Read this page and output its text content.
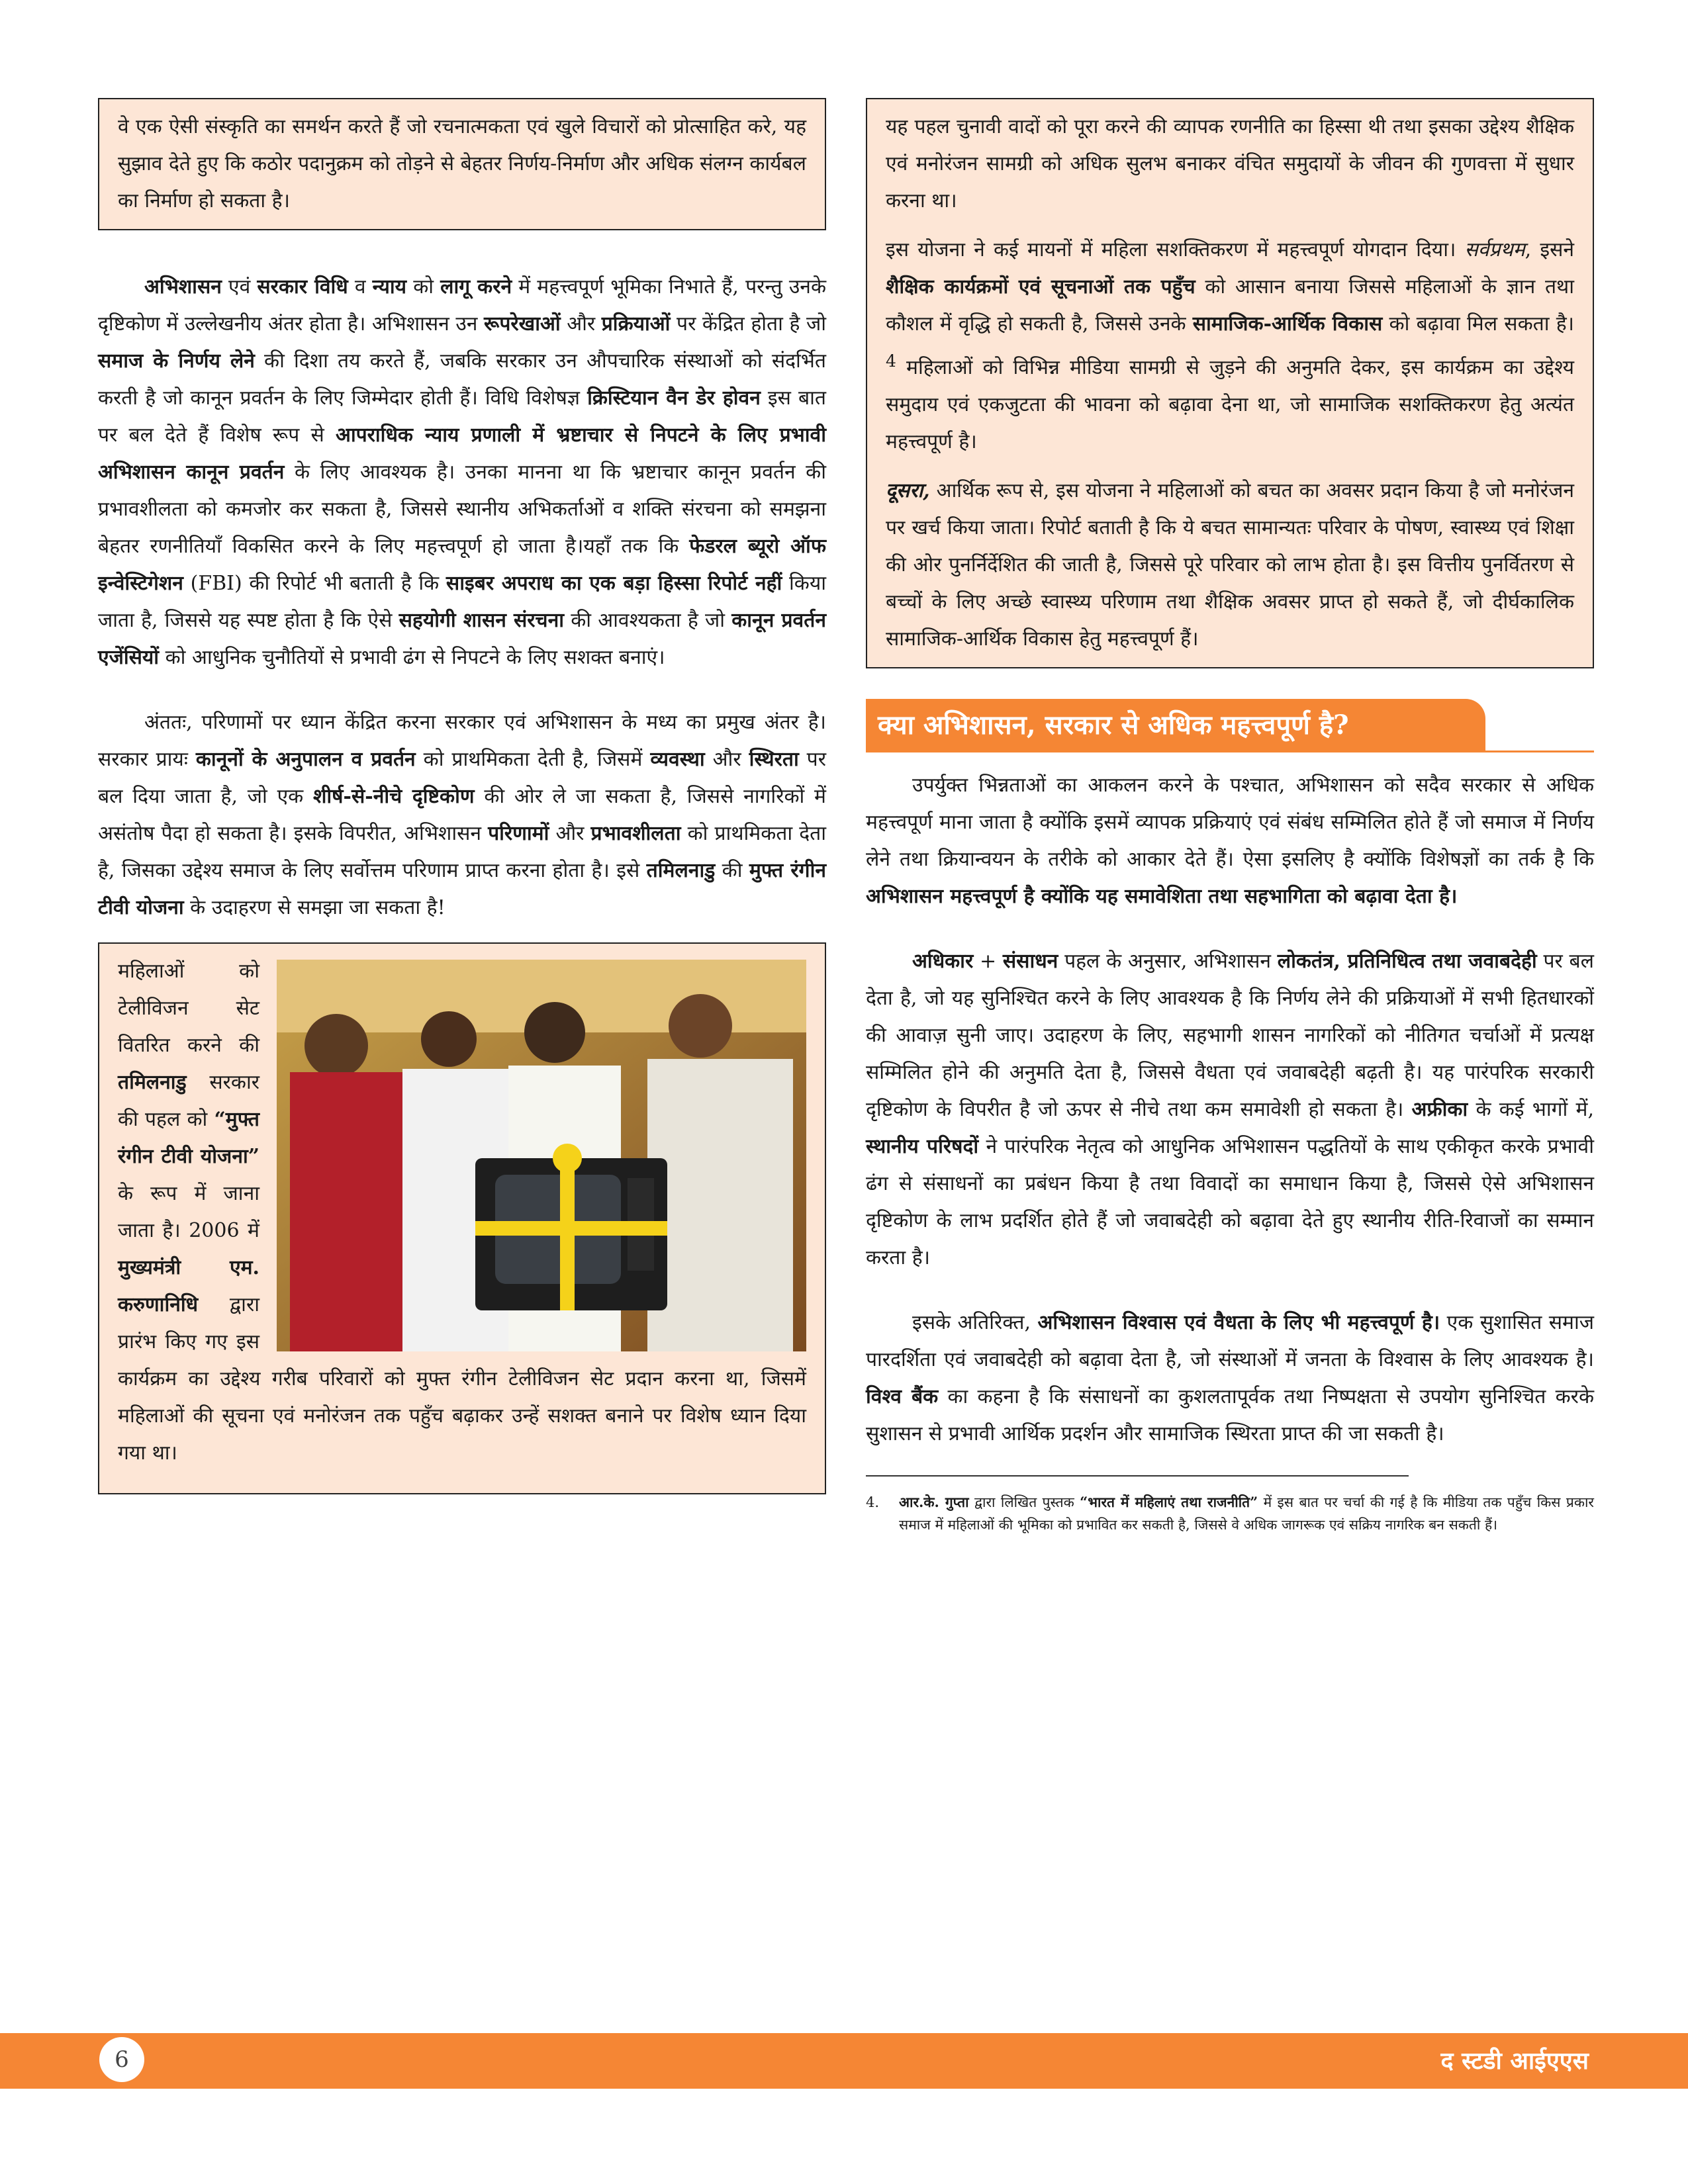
वे एक ऐसी संस्कृति का समर्थन करते हैं जो रचनात्मकता एवं खुले विचारों को प्रोत्साहित करे, यह सुझाव देते हुए कि कठोर पदानुक्रम को तोड़ने से बेहतर निर्णय-निर्माण और अधिक संलग्न कार्यबल का निर्माण हो सकता है।

अभिशासन एवं सरकार विधि व न्याय को लागू करने में महत्त्वपूर्ण भूमिका निभाते हैं, परन्तु उनके दृष्टिकोण में उल्लेखनीय अंतर होता है। अभिशासन उन रूपरेखाओं और प्रक्रियाओं पर केंद्रित होता है जो समाज के निर्णय लेने की दिशा तय करते हैं, जबकि सरकार उन औपचारिक संस्थाओं को संदर्भित करती है जो कानून प्रवर्तन के लिए जिम्मेदार होती हैं। विधि विशेषज्ञ क्रिस्टियान वैन डेर होवन इस बात पर बल देते हैं विशेष रूप से आपराधिक न्याय प्रणाली में भ्रष्टाचार से निपटने के लिए प्रभावी अभिशासन कानून प्रवर्तन के लिए आवश्यक है। उनका मानना था कि भ्रष्टाचार कानून प्रवर्तन की प्रभावशीलता को कमजोर कर सकता है, जिससे स्थानीय अभिकर्ताओं व शक्ति संरचना को समझना बेहतर रणनीतियाँ विकसित करने के लिए महत्त्वपूर्ण हो जाता है।यहाँ तक कि फेडरल ब्यूरो ऑफ इन्वेस्टिगेशन (FBI) की रिपोर्ट भी बताती है कि साइबर अपराध का एक बड़ा हिस्सा रिपोर्ट नहीं किया जाता है, जिससे यह स्पष्ट होता है कि ऐसे सहयोगी शासन संरचना की आवश्यकता है जो कानून प्रवर्तन एजेंसियों को आधुनिक चुनौतियों से प्रभावी ढंग से निपटने के लिए सशक्त बनाएं।

अंततः, परिणामों पर ध्यान केंद्रित करना सरकार एवं अभिशासन के मध्य का प्रमुख अंतर है। सरकार प्रायः कानूनों के अनुपालन व प्रवर्तन को प्राथमिकता देती है, जिसमें व्यवस्था और स्थिरता पर बल दिया जाता है, जो एक शीर्ष-से-नीचे दृष्टिकोण की ओर ले जा सकता है, जिससे नागरिकों में असंतोष पैदा हो सकता है। इसके विपरीत, अभिशासन परिणामों और प्रभावशीलता को प्राथमिकता देता है, जिसका उद्देश्य समाज के लिए सर्वोत्तम परिणाम प्राप्त करना होता है। इसे तमिलनाडु की मुफ्त रंगीन टीवी योजना के उदाहरण से समझा जा सकता है!

महिलाओं को टेलीविजन सेट वितरित करने की तमिलनाडु सरकार की पहल को “मुफ्त रंगीन टीवी योजना” के रूप में जाना जाता है। 2006 में मुख्यमंत्री एम. करुणानिधि द्वारा प्रारंभ किए गए इस कार्यक्रम का उद्देश्य गरीब परिवारों को मुफ्त रंगीन टेलीविजन सेट प्रदान करना था, जिसमें महिलाओं की सूचना एवं मनोरंजन तक पहुँच बढ़ाकर उन्हें सशक्त बनाने पर विशेष ध्यान दिया गया था।

यह पहल चुनावी वादों को पूरा करने की व्यापक रणनीति का हिस्सा थी तथा इसका उद्देश्य शैक्षिक एवं मनोरंजन सामग्री को अधिक सुलभ बनाकर वंचित समुदायों के जीवन की गुणवत्ता में सुधार करना था।

इस योजना ने कई मायनों में महिला सशक्तिकरण में महत्त्वपूर्ण योगदान दिया। सर्वप्रथम, इसने शैक्षिक कार्यक्रमों एवं सूचनाओं तक पहुँच को आसान बनाया जिससे महिलाओं के ज्ञान तथा कौशल में वृद्धि हो सकती है, जिससे उनके सामाजिक-आर्थिक विकास को बढ़ावा मिल सकता है।$^4$ महिलाओं को विभिन्न मीडिया सामग्री से जुड़ने की अनुमति देकर, इस कार्यक्रम का उद्देश्य समुदाय एवं एकजुटता की भावना को बढ़ावा देना था, जो सामाजिक सशक्तिकरण हेतु अत्यंत महत्त्वपूर्ण है।

दूसरा, आर्थिक रूप से, इस योजना ने महिलाओं को बचत का अवसर प्रदान किया है जो मनोरंजन पर खर्च किया जाता। रिपोर्ट बताती है कि ये बचत सामान्यतः परिवार के पोषण, स्वास्थ्य एवं शिक्षा की ओर पुनर्निर्देशित की जाती है, जिससे पूरे परिवार को लाभ होता है। इस वित्तीय पुनर्वितरण से बच्चों के लिए अच्छे स्वास्थ्य परिणाम तथा शैक्षिक अवसर प्राप्त हो सकते हैं, जो दीर्घकालिक सामाजिक-आर्थिक विकास हेतु महत्त्वपूर्ण हैं।

क्या अभिशासन, सरकार से अधिक महत्त्वपूर्ण है?

उपर्युक्त भिन्नताओं का आकलन करने के पश्चात, अभिशासन को सदैव सरकार से अधिक महत्त्वपूर्ण माना जाता है क्योंकि इसमें व्यापक प्रक्रियाएं एवं संबंध सम्मिलित होते हैं जो समाज में निर्णय लेने तथा क्रियान्वयन के तरीके को आकार देते हैं। ऐसा इसलिए है क्योंकि विशेषज्ञों का तर्क है कि अभिशासन महत्त्वपूर्ण है क्योंकि यह समावेशिता तथा सहभागिता को बढ़ावा देता है।

अधिकार + संसाधन पहल के अनुसार, अभिशासन लोकतंत्र, प्रतिनिधित्व तथा जवाबदेही पर बल देता है, जो यह सुनिश्चित करने के लिए आवश्यक है कि निर्णय लेने की प्रक्रियाओं में सभी हितधारकों की आवाज़ सुनी जाए। उदाहरण के लिए, सहभागी शासन नागरिकों को नीतिगत चर्चाओं में प्रत्यक्ष सम्मिलित होने की अनुमति देता है, जिससे वैधता एवं जवाबदेही बढ़ती है। यह पारंपरिक सरकारी दृष्टिकोण के विपरीत है जो ऊपर से नीचे तथा कम समावेशी हो सकता है। अफ्रीका के कई भागों में, स्थानीय परिषदों ने पारंपरिक नेतृत्व को आधुनिक अभिशासन पद्धतियों के साथ एकीकृत करके प्रभावी ढंग से संसाधनों का प्रबंधन किया है तथा विवादों का समाधान किया है, जिससे ऐसे अभिशासन दृष्टिकोण के लाभ प्रदर्शित होते हैं जो जवाबदेही को बढ़ावा देते हुए स्थानीय रीति-रिवाजों का सम्मान करता है।

इसके अतिरिक्त, अभिशासन विश्वास एवं वैधता के लिए भी महत्त्वपूर्ण है। एक सुशासित समाज पारदर्शिता एवं जवाबदेही को बढ़ावा देता है, जो संस्थाओं में जनता के विश्वास के लिए आवश्यक है। विश्व बैंक का कहना है कि संसाधनों का कुशलतापूर्वक तथा निष्पक्षता से उपयोग सुनिश्चित करके सुशासन से प्रभावी आर्थिक प्रदर्शन और सामाजिक स्थिरता प्राप्त की जा सकती है।

4.	आर.के. गुप्ता द्वारा लिखित पुस्तक “भारत में महिलाएं तथा राजनीति” में इस बात पर चर्चा की गई है कि मीडिया तक पहुँच किस प्रकार समाज में महिलाओं की भूमिका को प्रभावित कर सकती है, जिससे वे अधिक जागरूक एवं सक्रिय नागरिक बन सकती हैं।
6	द स्टडी आईएएस
